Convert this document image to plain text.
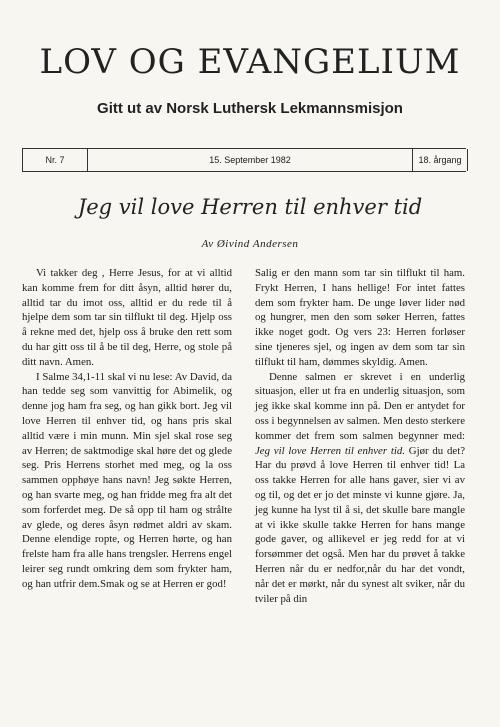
LOV OG EVANGELIUM
Gitt ut av Norsk Luthersk Lekmannsmisjon
Nr. 7	15. September 1982	18. årgang
Jeg vil love Herren til enhver tid
Av Øivind Andersen

Vi takker deg , Herre Jesus, for at vi alltid kan komme frem for ditt åsyn, alltid hører du, alltid tar du imot oss, alltid er du rede til å hjelpe dem som tar sin tilflukt til deg. Hjelp oss å rekne med det, hjelp oss å bruke den rett som du har gitt oss til å be til deg, Herre, og stole på ditt navn. Amen.

I Salme 34,1-11 skal vi nu lese: Av David, da han tedde seg som vanvittig for Abimelik, og denne jog ham fra seg, og han gikk bort. Jeg vil love Herren til enhver tid, og hans pris skal alltid være i min munn. Min sjel skal rose seg av Herren; de saktmodige skal høre det og glede seg. Pris Herrens storhet med meg, og la oss sammen opphøye hans navn! Jeg søkte Herren, og han svarte meg, og han fridde meg fra alt det som forferdet meg. De så opp til ham og strålte av glede, og deres åsyn rødmet aldri av skam. Denne elendige ropte, og Herren hørte, og han frelste ham fra alle hans trengsler. Herrens engel leirer seg rundt omkring dem som frykter ham, og han utfrir dem.Smak og se at Herren er god!

Salig er den mann som tar sin tilflukt til ham. Frykt Herren, I hans hellige! For intet fattes dem som frykter ham. De unge løver lider nød og hungrer, men den som søker Herren, fattes ikke noget godt. Og vers 23: Herren forløser sine tjeneres sjel, og ingen av dem som tar sin tilflukt til ham, dømmes skyldig. Amen.

Denne salmen er skrevet i en underlig situasjon, eller ut fra en underlig situasjon, som jeg ikke skal komme inn på. Den er antydet for oss i begynnelsen av salmen. Men desto sterkere kommer det frem som salmen begynner med: Jeg vil love Herren til enhver tid. Gjør du det? Har du prøvd å love Herren til enhver tid! La oss takke Herren for alle hans gaver, sier vi av og til, og det er jo det minste vi kunne gjøre. Ja, jeg kunne ha lyst til å si, det skulle bare mangle at vi ikke skulle takke Herren for hans mange gode gaver, og allikevel er jeg redd for at vi forsømmer det også. Men har du prøvet å takke Herren når du er nedfor,når du har det vondt, når det er mørkt, når du synest alt sviker, når du tviler på din
